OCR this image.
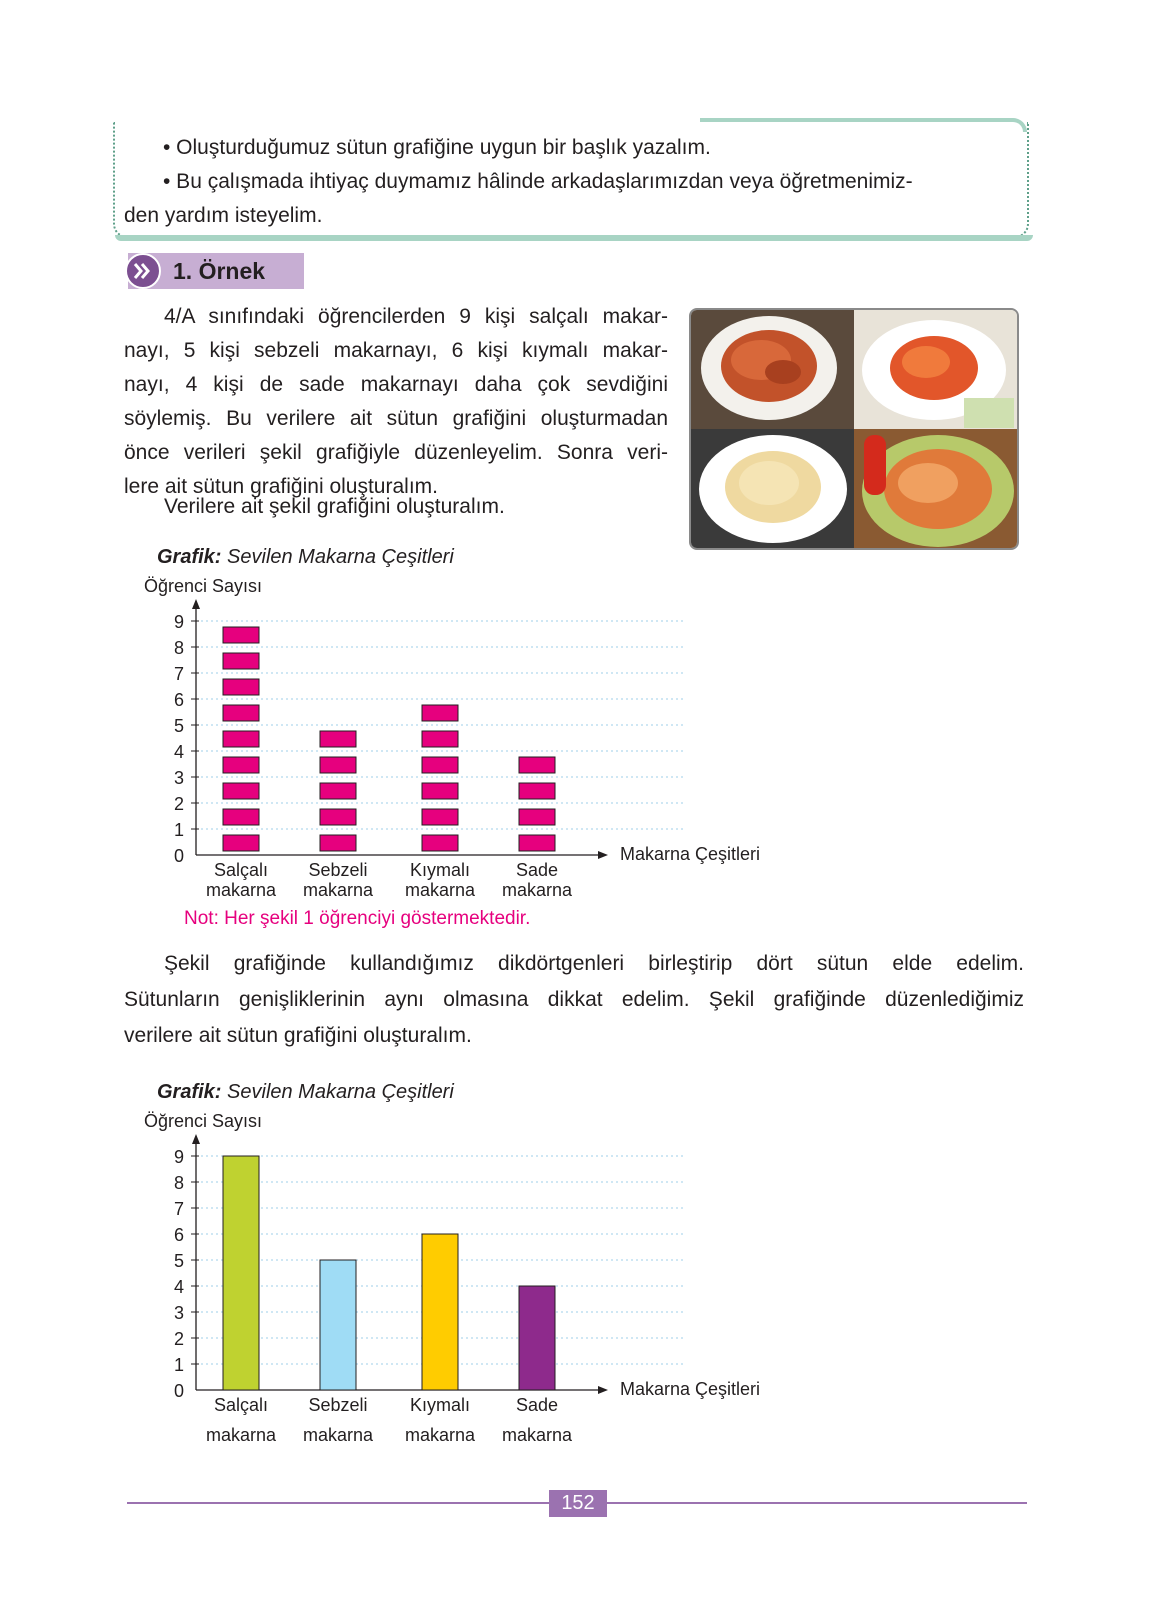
• Oluşturduğumuz sütun grafiğine uygun bir başlık yazalım.
• Bu çalışmada ihtiyaç duymamız hâlinde arkadaşlarımızdan veya öğretmenimiz-
den yardım isteyelim.
1. Örnek
4/A sınıfındaki öğrencilerden 9 kişi salçalı makar-
nayı, 5 kişi sebzeli makarnayı, 6 kişi kıymalı makar-
nayı, 4 kişi de sade makarnayı daha çok sevdiğini
söylemiş. Bu verilere ait sütun grafiğini oluşturmadan
önce verileri şekil grafiğiyle düzenleyelim. Sonra veri-
lere ait sütun grafiğini oluşturalım.
Verilere ait şekil grafiğini oluşturalım.
Grafik: Sevilen Makarna Çeşitleri
Öğrenci Sayısı
Makarna Çeşitleri
0
1
2
3
4
5
6
7
8
9
Salçalı
makarna
Sebzeli
makarna
Kıymalı
makarna
Sade
makarna
Not: Her şekil 1 öğrenciyi göstermektedir.
Şekil grafiğinde kullandığımız dikdörtgenleri birleştirip dört sütun elde edelim.
Sütunların genişliklerinin aynı olmasına dikkat edelim. Şekil grafiğinde düzenlediğimiz
verilere ait sütun grafiğini oluşturalım.
Grafik: Sevilen Makarna Çeşitleri
Öğrenci Sayısı
Makarna Çeşitleri
0
1
2
3
4
5
6
7
8
9
Salçalı
makarna
Sebzeli
makarna
Kıymalı
makarna
Sade
makarna
152
